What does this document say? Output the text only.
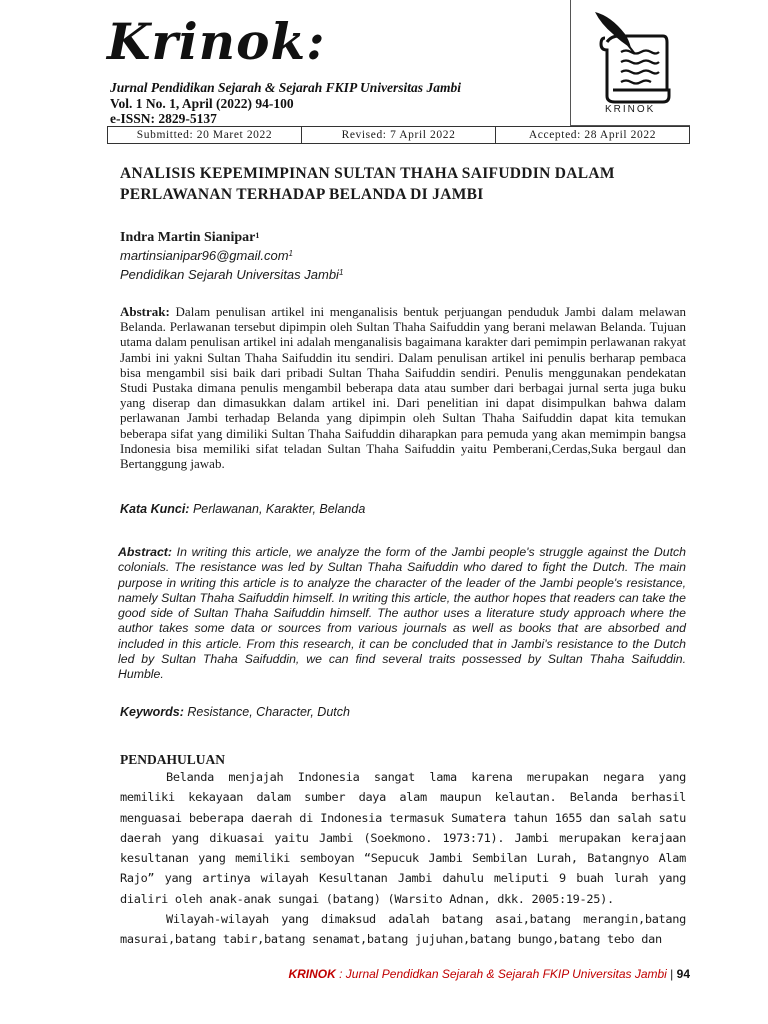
Krinok:
Jurnal Pendidikan Sejarah & Sejarah FKIP Universitas Jambi
Vol. 1 No. 1, April (2022) 94-100
e-ISSN: 2829-5137
KRINOK
Submitted: 20 Maret 2022	Revised: 7 April 2022	Accepted: 28 April 2022
ANALISIS KEPEMIMPINAN SULTAN THAHA SAIFUDDIN DALAM PERLAWANAN TERHADAP BELANDA DI JAMBI
Indra Martin Sianipar$^1$
martinsianipar96@gmail.com$^1$
Pendidikan Sejarah Universitas Jambi$^1$

Abstrak: Dalam penulisan artikel ini menganalisis bentuk perjuangan penduduk Jambi dalam melawan Belanda. Perlawanan tersebut dipimpin oleh Sultan Thaha Saifuddin yang berani melawan Belanda. Tujuan utama dalam penulisan artikel ini adalah menganalisis bagaimana karakter dari pemimpin perlawanan rakyat Jambi ini yakni Sultan Thaha Saifuddin itu sendiri. Dalam penulisan artikel ini penulis berharap pembaca bisa mengambil sisi baik dari pribadi Sultan Thaha Saifuddin sendiri. Penulis menggunakan pendekatan Studi Pustaka dimana penulis mengambil beberapa data atau sumber dari berbagai jurnal serta juga buku yang diserap dan dimasukkan dalam artikel ini. Dari penelitian ini dapat disimpulkan bahwa dalam perlawanan Jambi terhadap Belanda yang dipimpin oleh Sultan Thaha Saifuddin dapat kita temukan beberapa sifat yang dimiliki Sultan Thaha Saifuddin diharapkan para pemuda yang akan memimpin bangsa Indonesia bisa memiliki sifat teladan Sultan Thaha Saifuddin yaitu Pemberani,Cerdas,Suka bergaul dan Bertanggung jawab.

Kata Kunci: Perlawanan, Karakter, Belanda

Abstract: In writing this article, we analyze the form of the Jambi people's struggle against the Dutch colonials. The resistance was led by Sultan Thaha Saifuddin who dared to fight the Dutch. The main purpose in writing this article is to analyze the character of the leader of the Jambi people's resistance, namely Sultan Thaha Saifuddin himself. In writing this article, the author hopes that readers can take the good side of Sultan Thaha Saifuddin himself. The author uses a literature study approach where the author takes some data or sources from various journals as well as books that are absorbed and included in this article. From this research, it can be concluded that in Jambi's resistance to the Dutch led by Sultan Thaha Saifuddin, we can find several traits possessed by Sultan Thaha Saifuddin. Humble.

Keywords: Resistance, Character, Dutch
PENDAHULUAN

Belanda menjajah Indonesia sangat lama karena merupakan negara yang memiliki kekayaan dalam sumber daya alam maupun kelautan. Belanda berhasil menguasai beberapa daerah di Indonesia termasuk Sumatera tahun 1655 dan salah satu daerah yang dikuasai yaitu Jambi (Soekmono. 1973:71). Jambi merupakan kerajaan kesultanan yang memiliki semboyan “Sepucuk Jambi Sembilan Lurah, Batangnyo Alam Rajo” yang artinya wilayah Kesultanan Jambi dahulu meliputi 9 buah lurah yang dialiri oleh anak-anak sungai (batang) (Warsito Adnan, dkk. 2005:19-25).

Wilayah-wilayah yang dimaksud adalah batang asai,batang merangin,batang masurai,batang tabir,batang senamat,batang jujuhan,batang bungo,batang tebo dan

KRINOK : Jurnal Pendidkan Sejarah & Sejarah FKIP Universitas Jambi | 94
